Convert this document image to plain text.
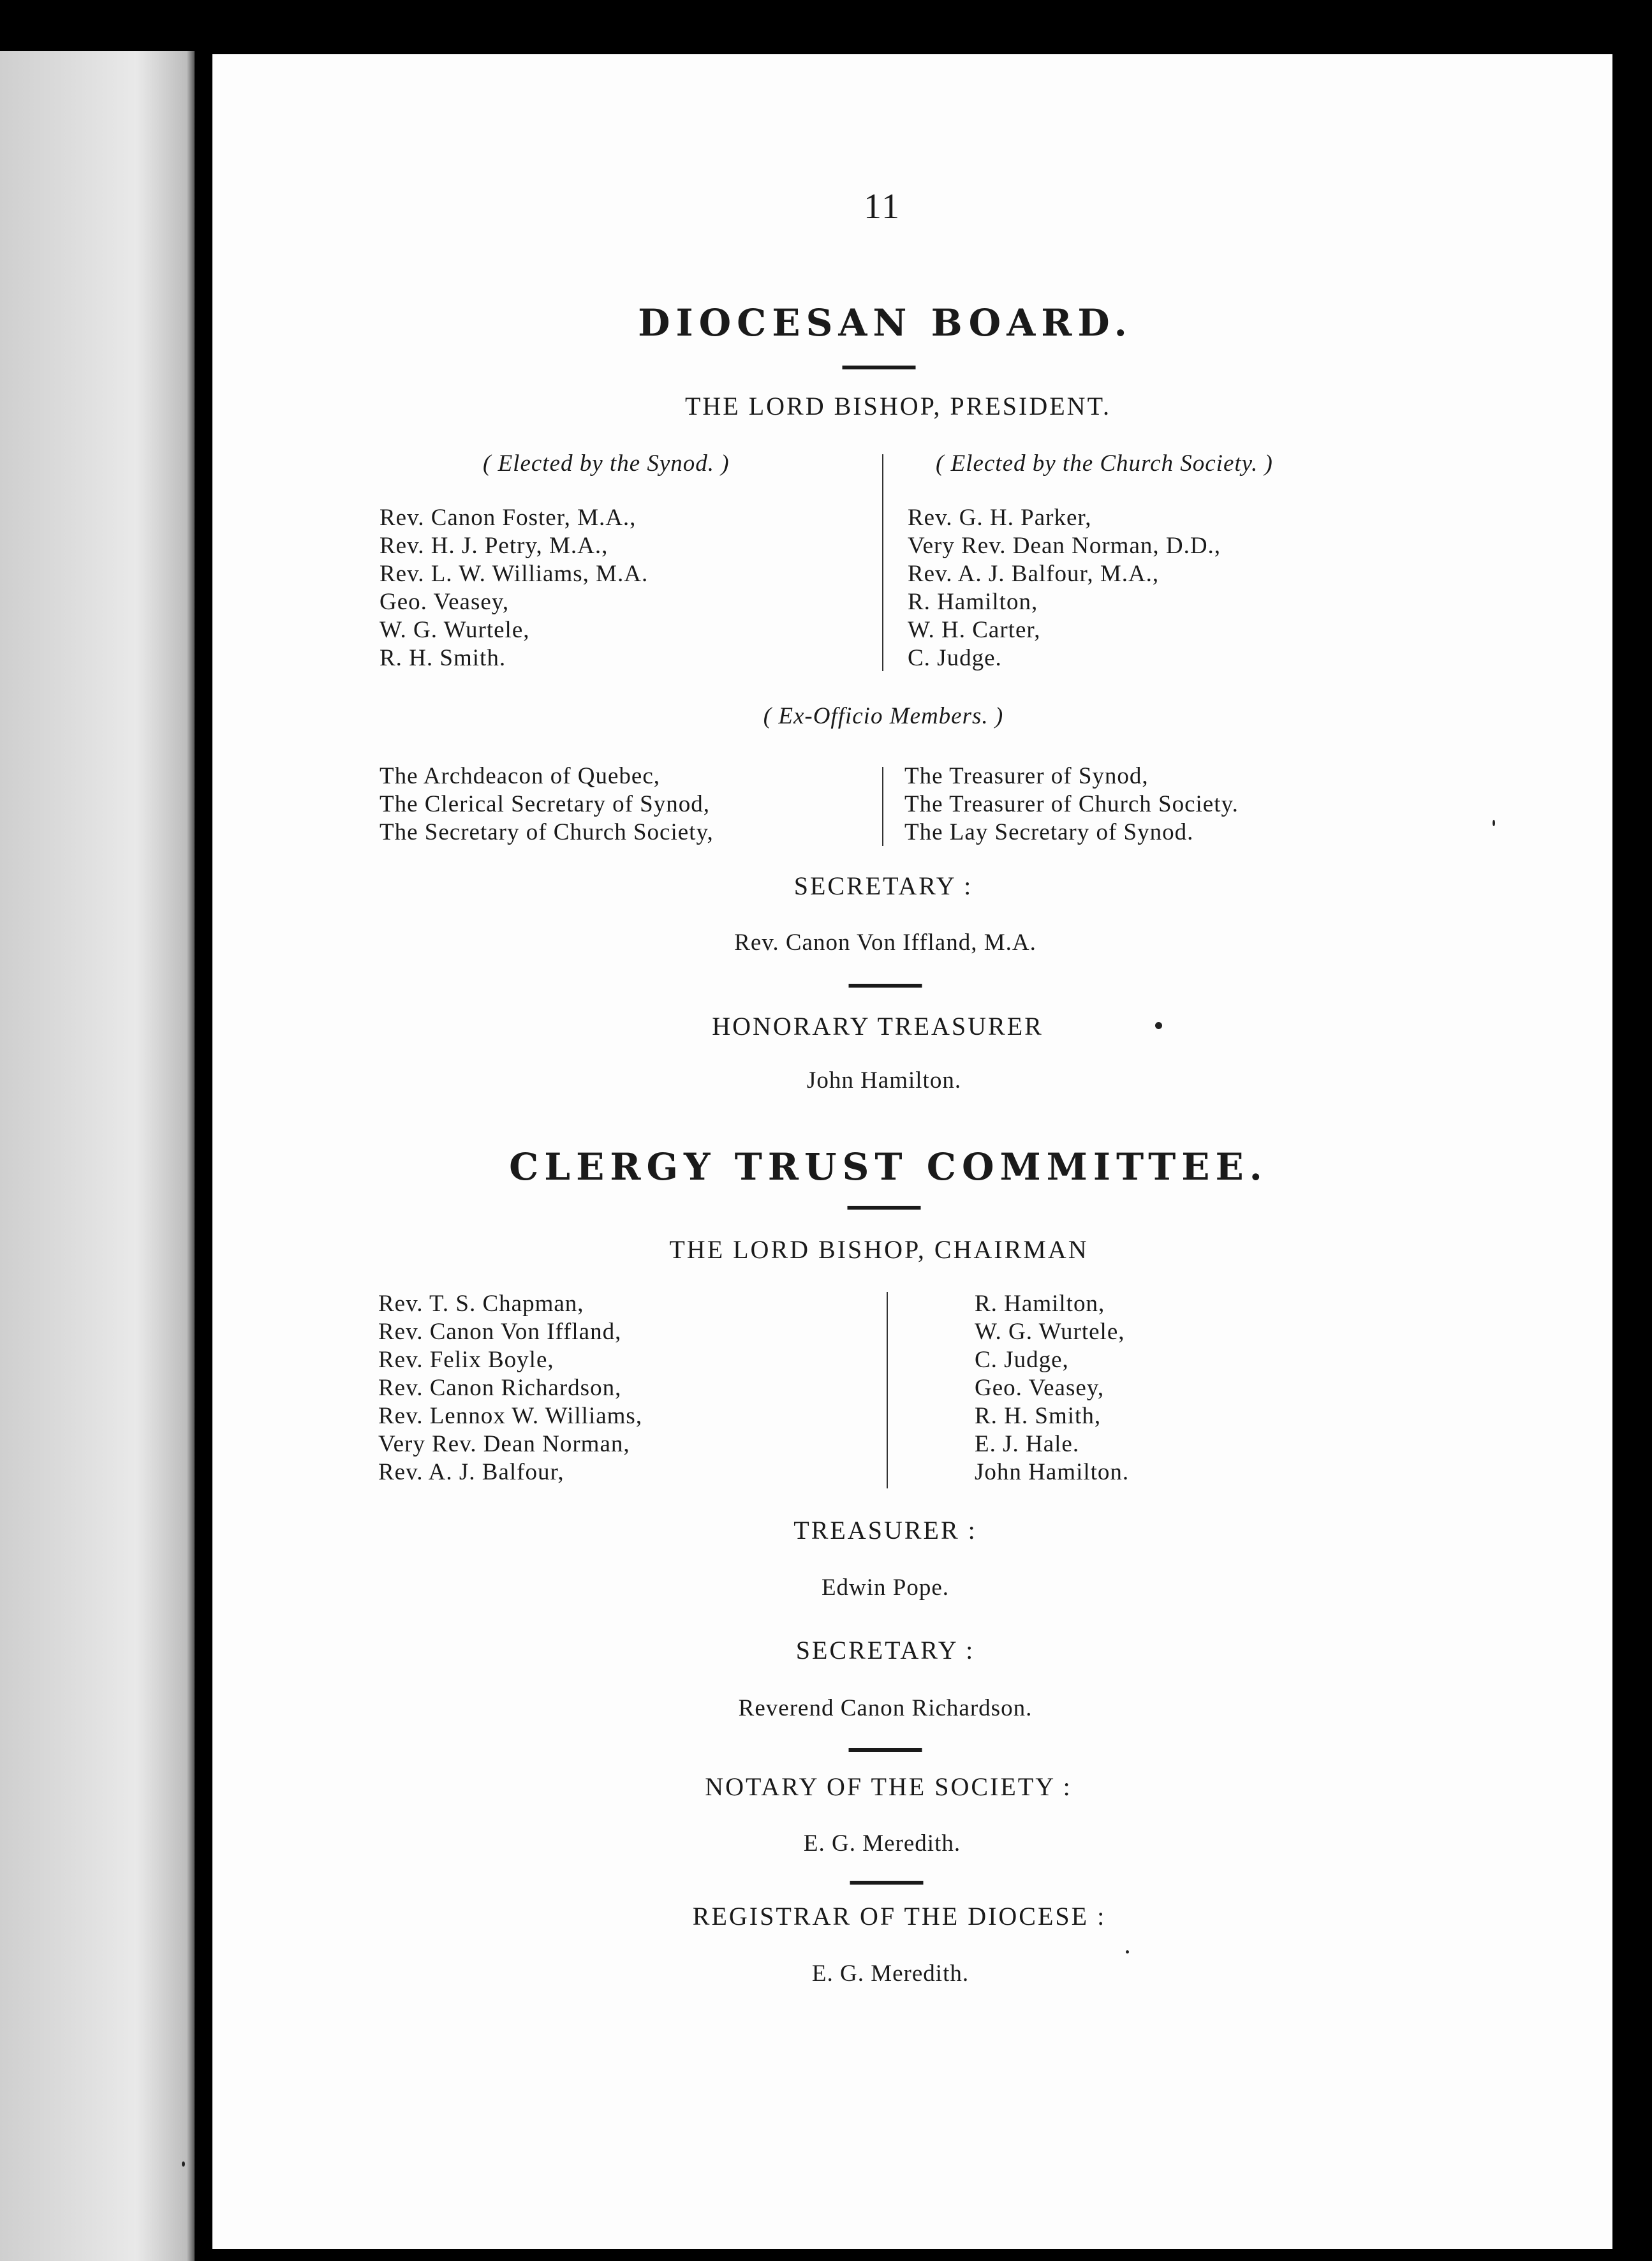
11
DIOCESAN BOARD.
THE LORD BISHOP, PRESIDENT.
( Elected by the Synod. )	( Elected by the Church Society. )
Rev. Canon Foster, M.A.,
Rev. H. J. Petry, M.A.,
Rev. L. W. Williams, M.A.
Geo. Veasey,
W. G. Wurtele,
R. H. Smith.
Rev. G. H. Parker,
Very Rev. Dean Norman, D.D.,
Rev. A. J. Balfour, M.A.,
R. Hamilton,
W. H. Carter,
C. Judge.
( Ex-Officio Members. )
The Archdeacon of Quebec,
The Clerical Secretary of Synod,
The Secretary of Church Society,
The Treasurer of Synod,
The Treasurer of Church Society.
The Lay Secretary of Synod.
SECRETARY :
Rev. Canon Von Iffland, M.A.
HONORARY TREASURER
John Hamilton.
CLERGY TRUST COMMITTEE.
THE LORD BISHOP, CHAIRMAN
Rev. T. S. Chapman,
Rev. Canon Von Iffland,
Rev. Felix Boyle,
Rev. Canon Richardson,
Rev. Lennox W. Williams,
Very Rev. Dean Norman,
Rev. A. J. Balfour,
R. Hamilton,
W. G. Wurtele,
C. Judge,
Geo. Veasey,
R. H. Smith,
E. J. Hale.
John Hamilton.
TREASURER :
Edwin Pope.
SECRETARY :
Reverend Canon Richardson.
NOTARY OF THE SOCIETY :
E. G. Meredith.
REGISTRAR OF THE DIOCESE :
E. G. Meredith.
